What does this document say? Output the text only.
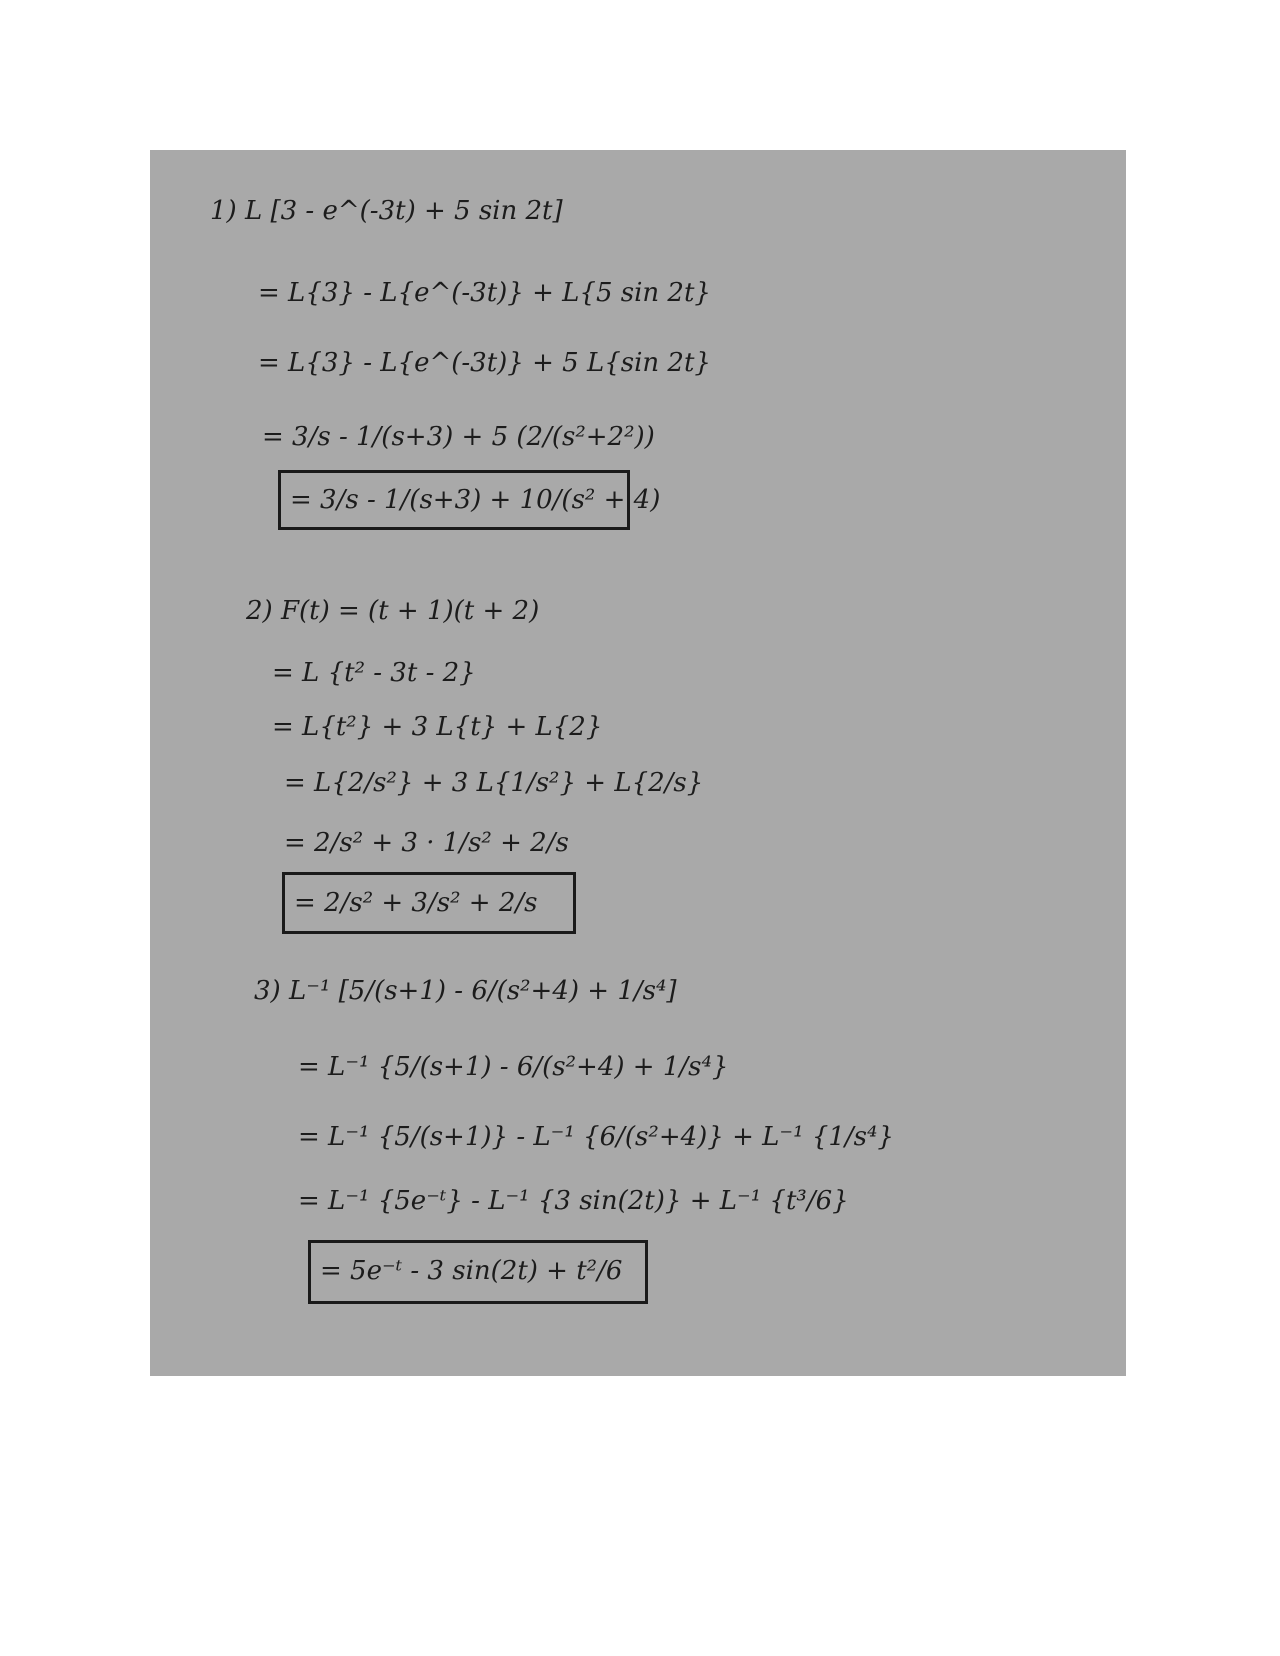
1) L [3 - e^(-3t) + 5 sin 2t]
= L{3} - L{e^(-3t)} + L{5 sin 2t}
= L{3} - L{e^(-3t)} + 5 L{sin 2t}
= 3/s - 1/(s+3) + 5 (2/(s²+2²))
= 3/s - 1/(s+3) + 10/(s² + 4)
2) F(t) = (t + 1)(t + 2)
= L {t² - 3t - 2}
= L{t²} + 3 L{t} + L{2}
= L{2/s²} + 3 L{1/s²} + L{2/s}
= 2/s² + 3 · 1/s² + 2/s
= 2/s² + 3/s² + 2/s
3) L⁻¹ [5/(s+1) - 6/(s²+4) + 1/s⁴]
= L⁻¹ {5/(s+1) - 6/(s²+4) + 1/s⁴}
= L⁻¹ {5/(s+1)} - L⁻¹ {6/(s²+4)} + L⁻¹ {1/s⁴}
= L⁻¹ {5e⁻ᵗ} - L⁻¹ {3 sin(2t)} + L⁻¹ {t³/6}
= 5e⁻ᵗ - 3 sin(2t) + t²/6
